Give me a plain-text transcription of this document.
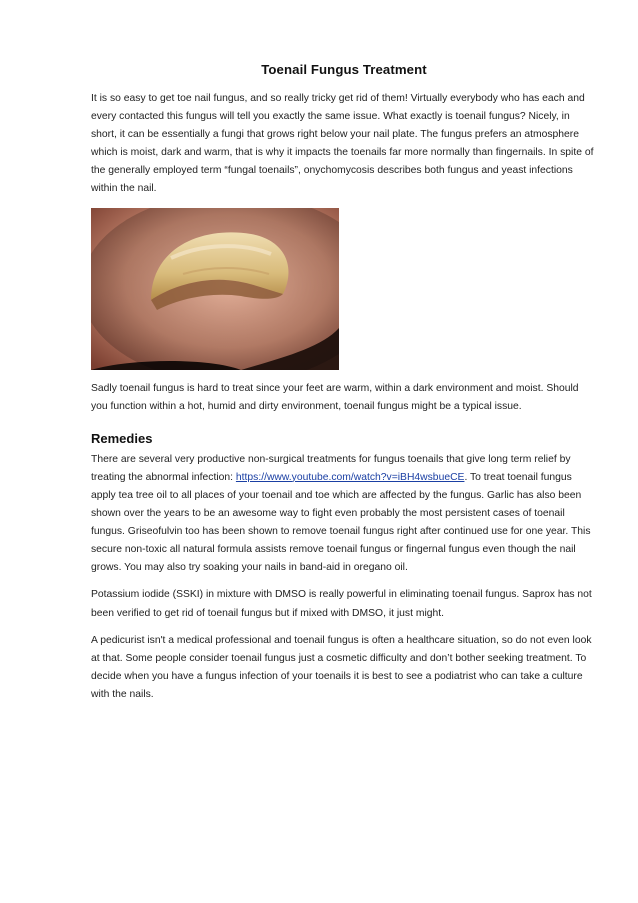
Toenail Fungus Treatment

It is so easy to get toe nail fungus, and so really tricky get rid of them! Virtually everybody who has each and every contacted this fungus will tell you exactly the same issue. What exactly is toenail fungus? Nicely, in short, it can be essentially a fungi that grows right below your nail plate. The fungus prefers an atmosphere which is moist, dark and warm, that is why it impacts the toenails far more normally than fingernails. In spite of the generally employed term “fungal toenails”, onychomycosis describes both fungus and yeast infections within the nail.

Sadly toenail fungus is hard to treat since your feet are warm, within a dark environment and moist. Should you function within a hot, humid and dirty environment, toenail fungus might be a typical issue.

Remedies

There are several very productive non-surgical treatments for fungus toenails that give long term relief by treating the abnormal infection: https://www.youtube.com/watch?v=iBH4wsbueCE. To treat toenail fungus apply tea tree oil to all places of your toenail and toe which are affected by the fungus. Garlic has also been shown over the years to be an awesome way to fight even probably the most persistent cases of toenail fungus. Griseofulvin too has been shown to remove toenail fungus right after continued use for one year. This secure non-toxic all natural formula assists remove toenail fungus or fingernal fungus even though the nail grows. You may also try soaking your nails in band-aid in oregano oil.

Potassium iodide (SSKI) in mixture with DMSO is really powerful in eliminating toenail fungus. Saprox has not been verified to get rid of toenail fungus but if mixed with DMSO, it just might.

A pedicurist isn't a medical professional and toenail fungus is often a healthcare situation, so do not even look at that. Some people consider toenail fungus just a cosmetic difficulty and don’t bother seeking treatment. To decide when you have a fungus infection of your toenails it is best to see a podiatrist who can take a culture with the nails.
